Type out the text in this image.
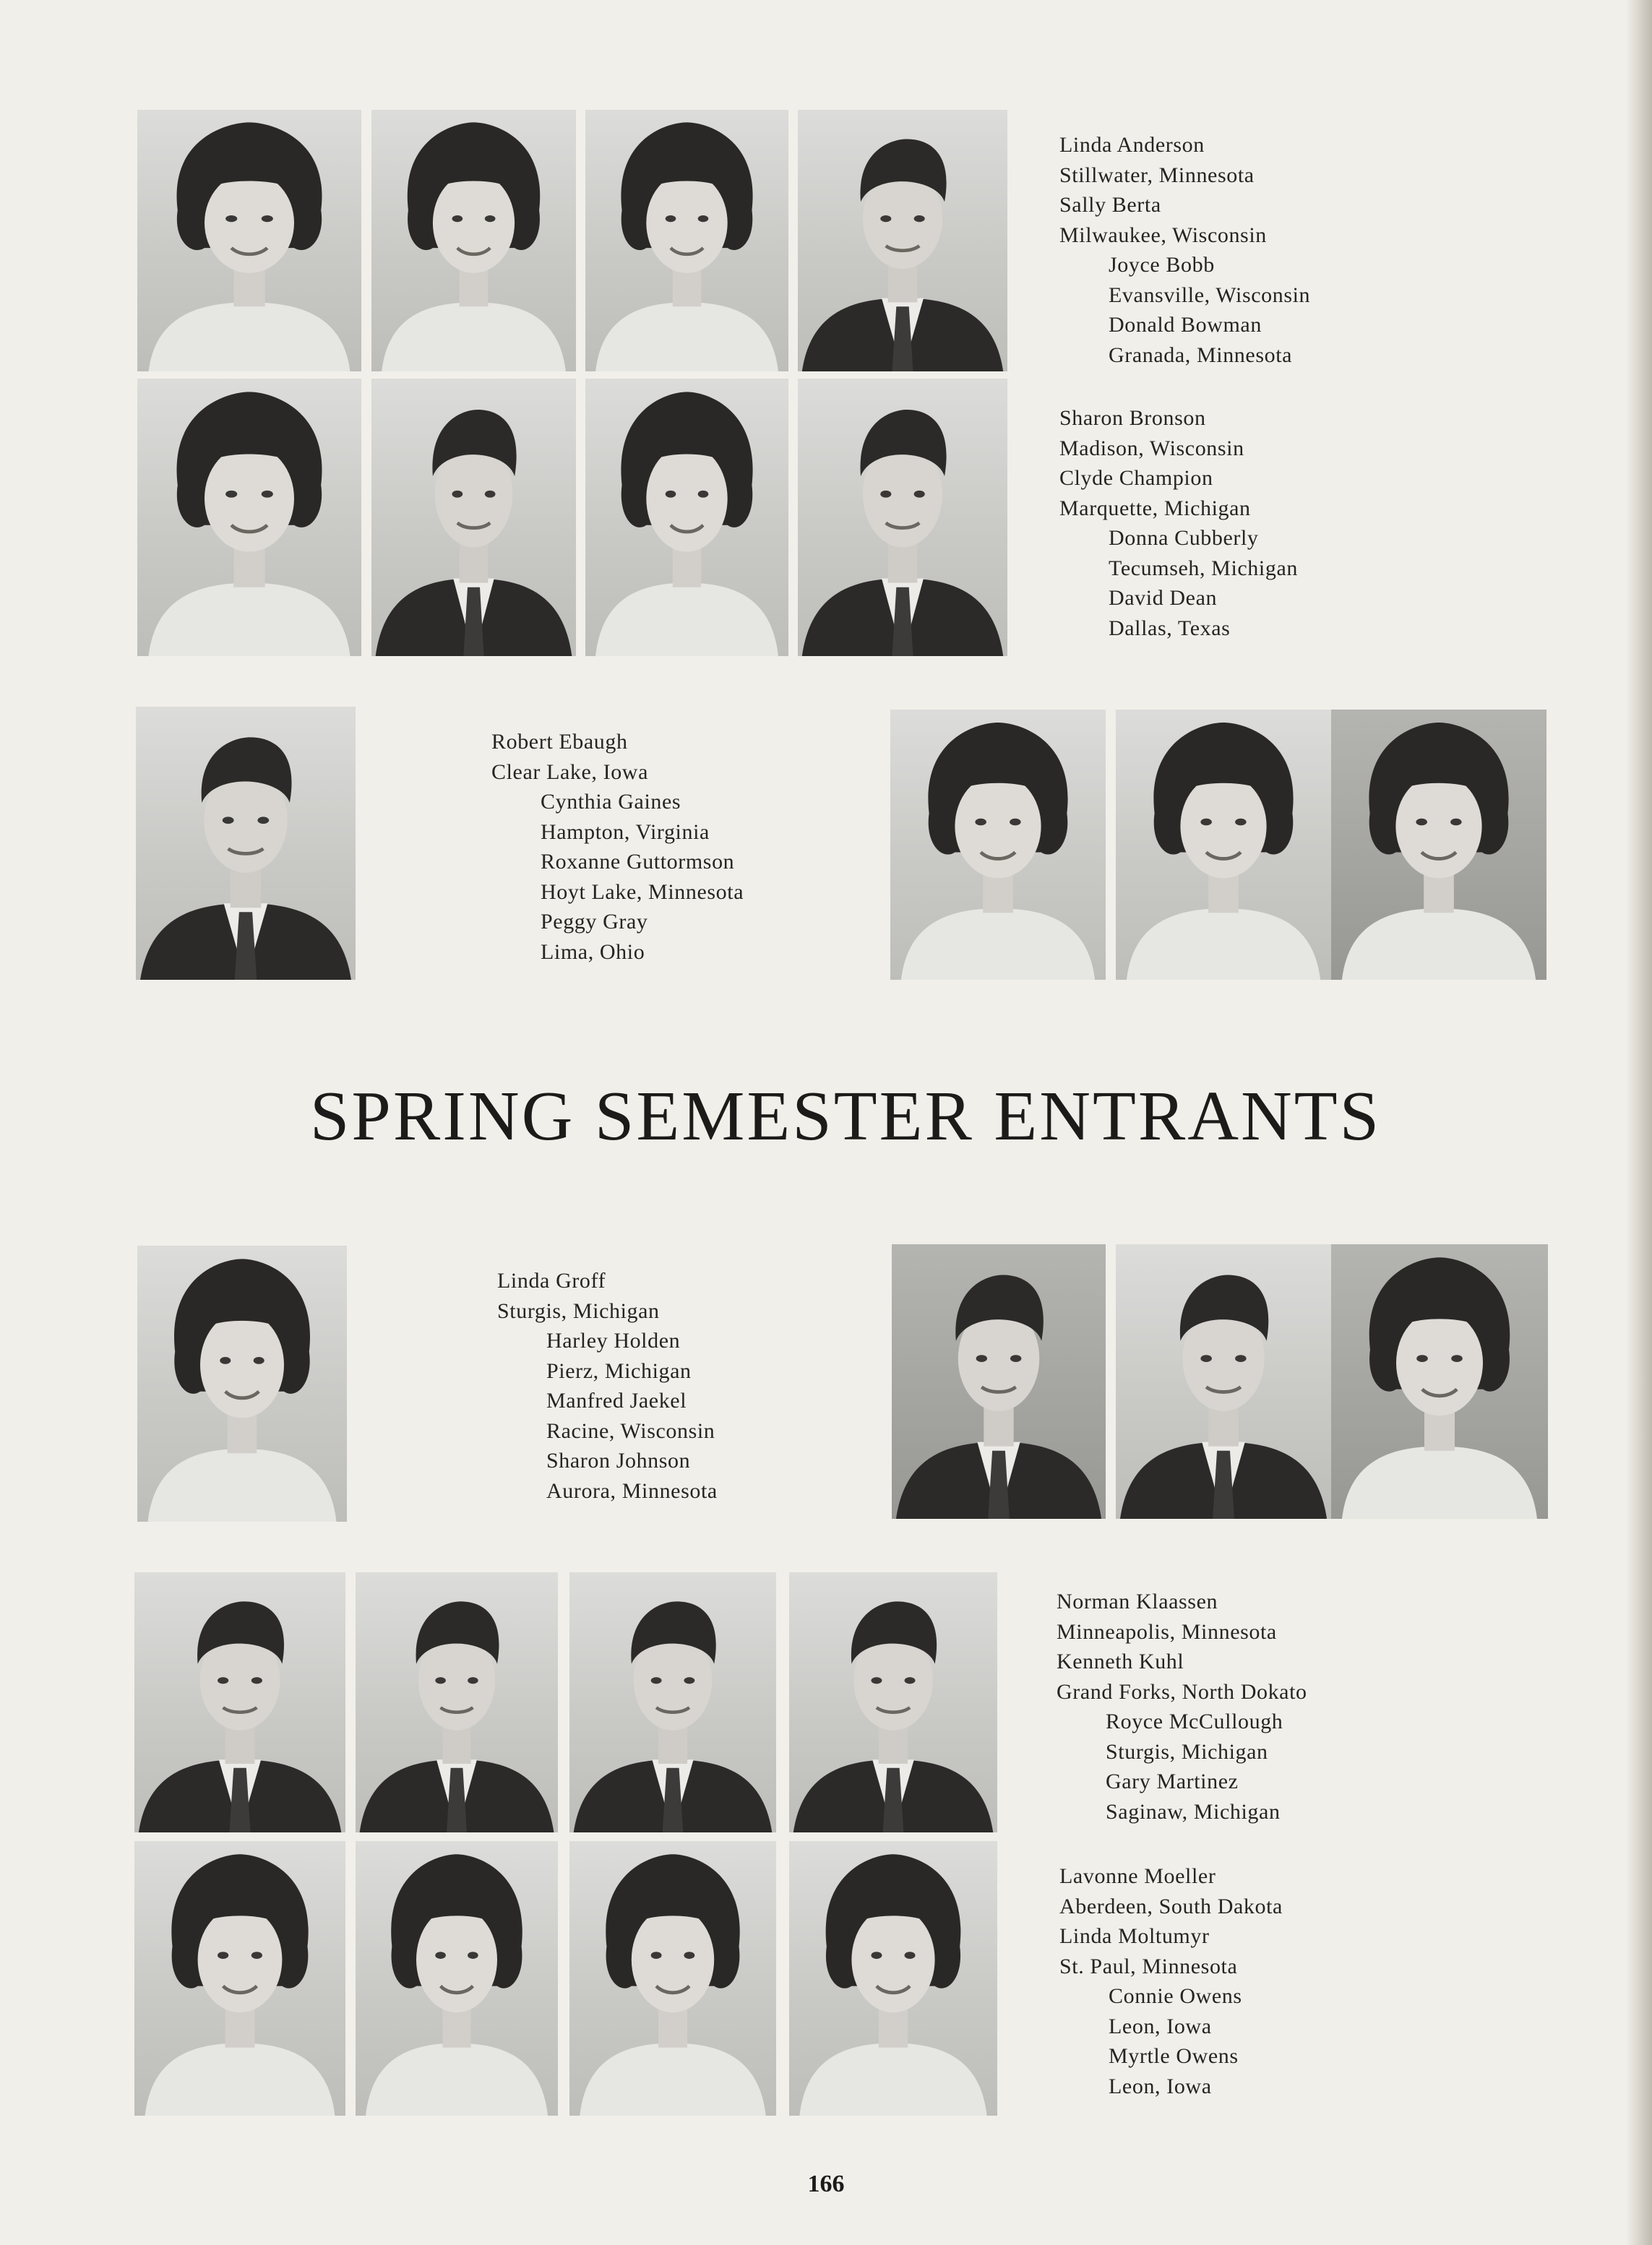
Linda Anderson
Stillwater, Minnesota
Sally Berta
Milwaukee, Wisconsin
Joyce Bobb
Evansville, Wisconsin
Donald Bowman
Granada, Minnesota
Sharon Bronson
Madison, Wisconsin
Clyde Champion
Marquette, Michigan
Donna Cubberly
Tecumseh, Michigan
David Dean
Dallas, Texas
Robert Ebaugh
Clear Lake, Iowa
Cynthia Gaines
Hampton, Virginia
Roxanne Guttormson
Hoyt Lake, Minnesota
Peggy Gray
Lima, Ohio
Linda Groff
Sturgis, Michigan
Harley Holden
Pierz, Michigan
Manfred Jaekel
Racine, Wisconsin
Sharon Johnson
Aurora, Minnesota
Norman Klaassen
Minneapolis, Minnesota
Kenneth Kuhl
Grand Forks, North Dokato
Royce McCullough
Sturgis, Michigan
Gary Martinez
Saginaw, Michigan
Lavonne Moeller
Aberdeen, South Dakota
Linda Moltumyr
St. Paul, Minnesota
Connie Owens
Leon, Iowa
Myrtle Owens
Leon, Iowa
SPRING SEMESTER ENTRANTS
166
